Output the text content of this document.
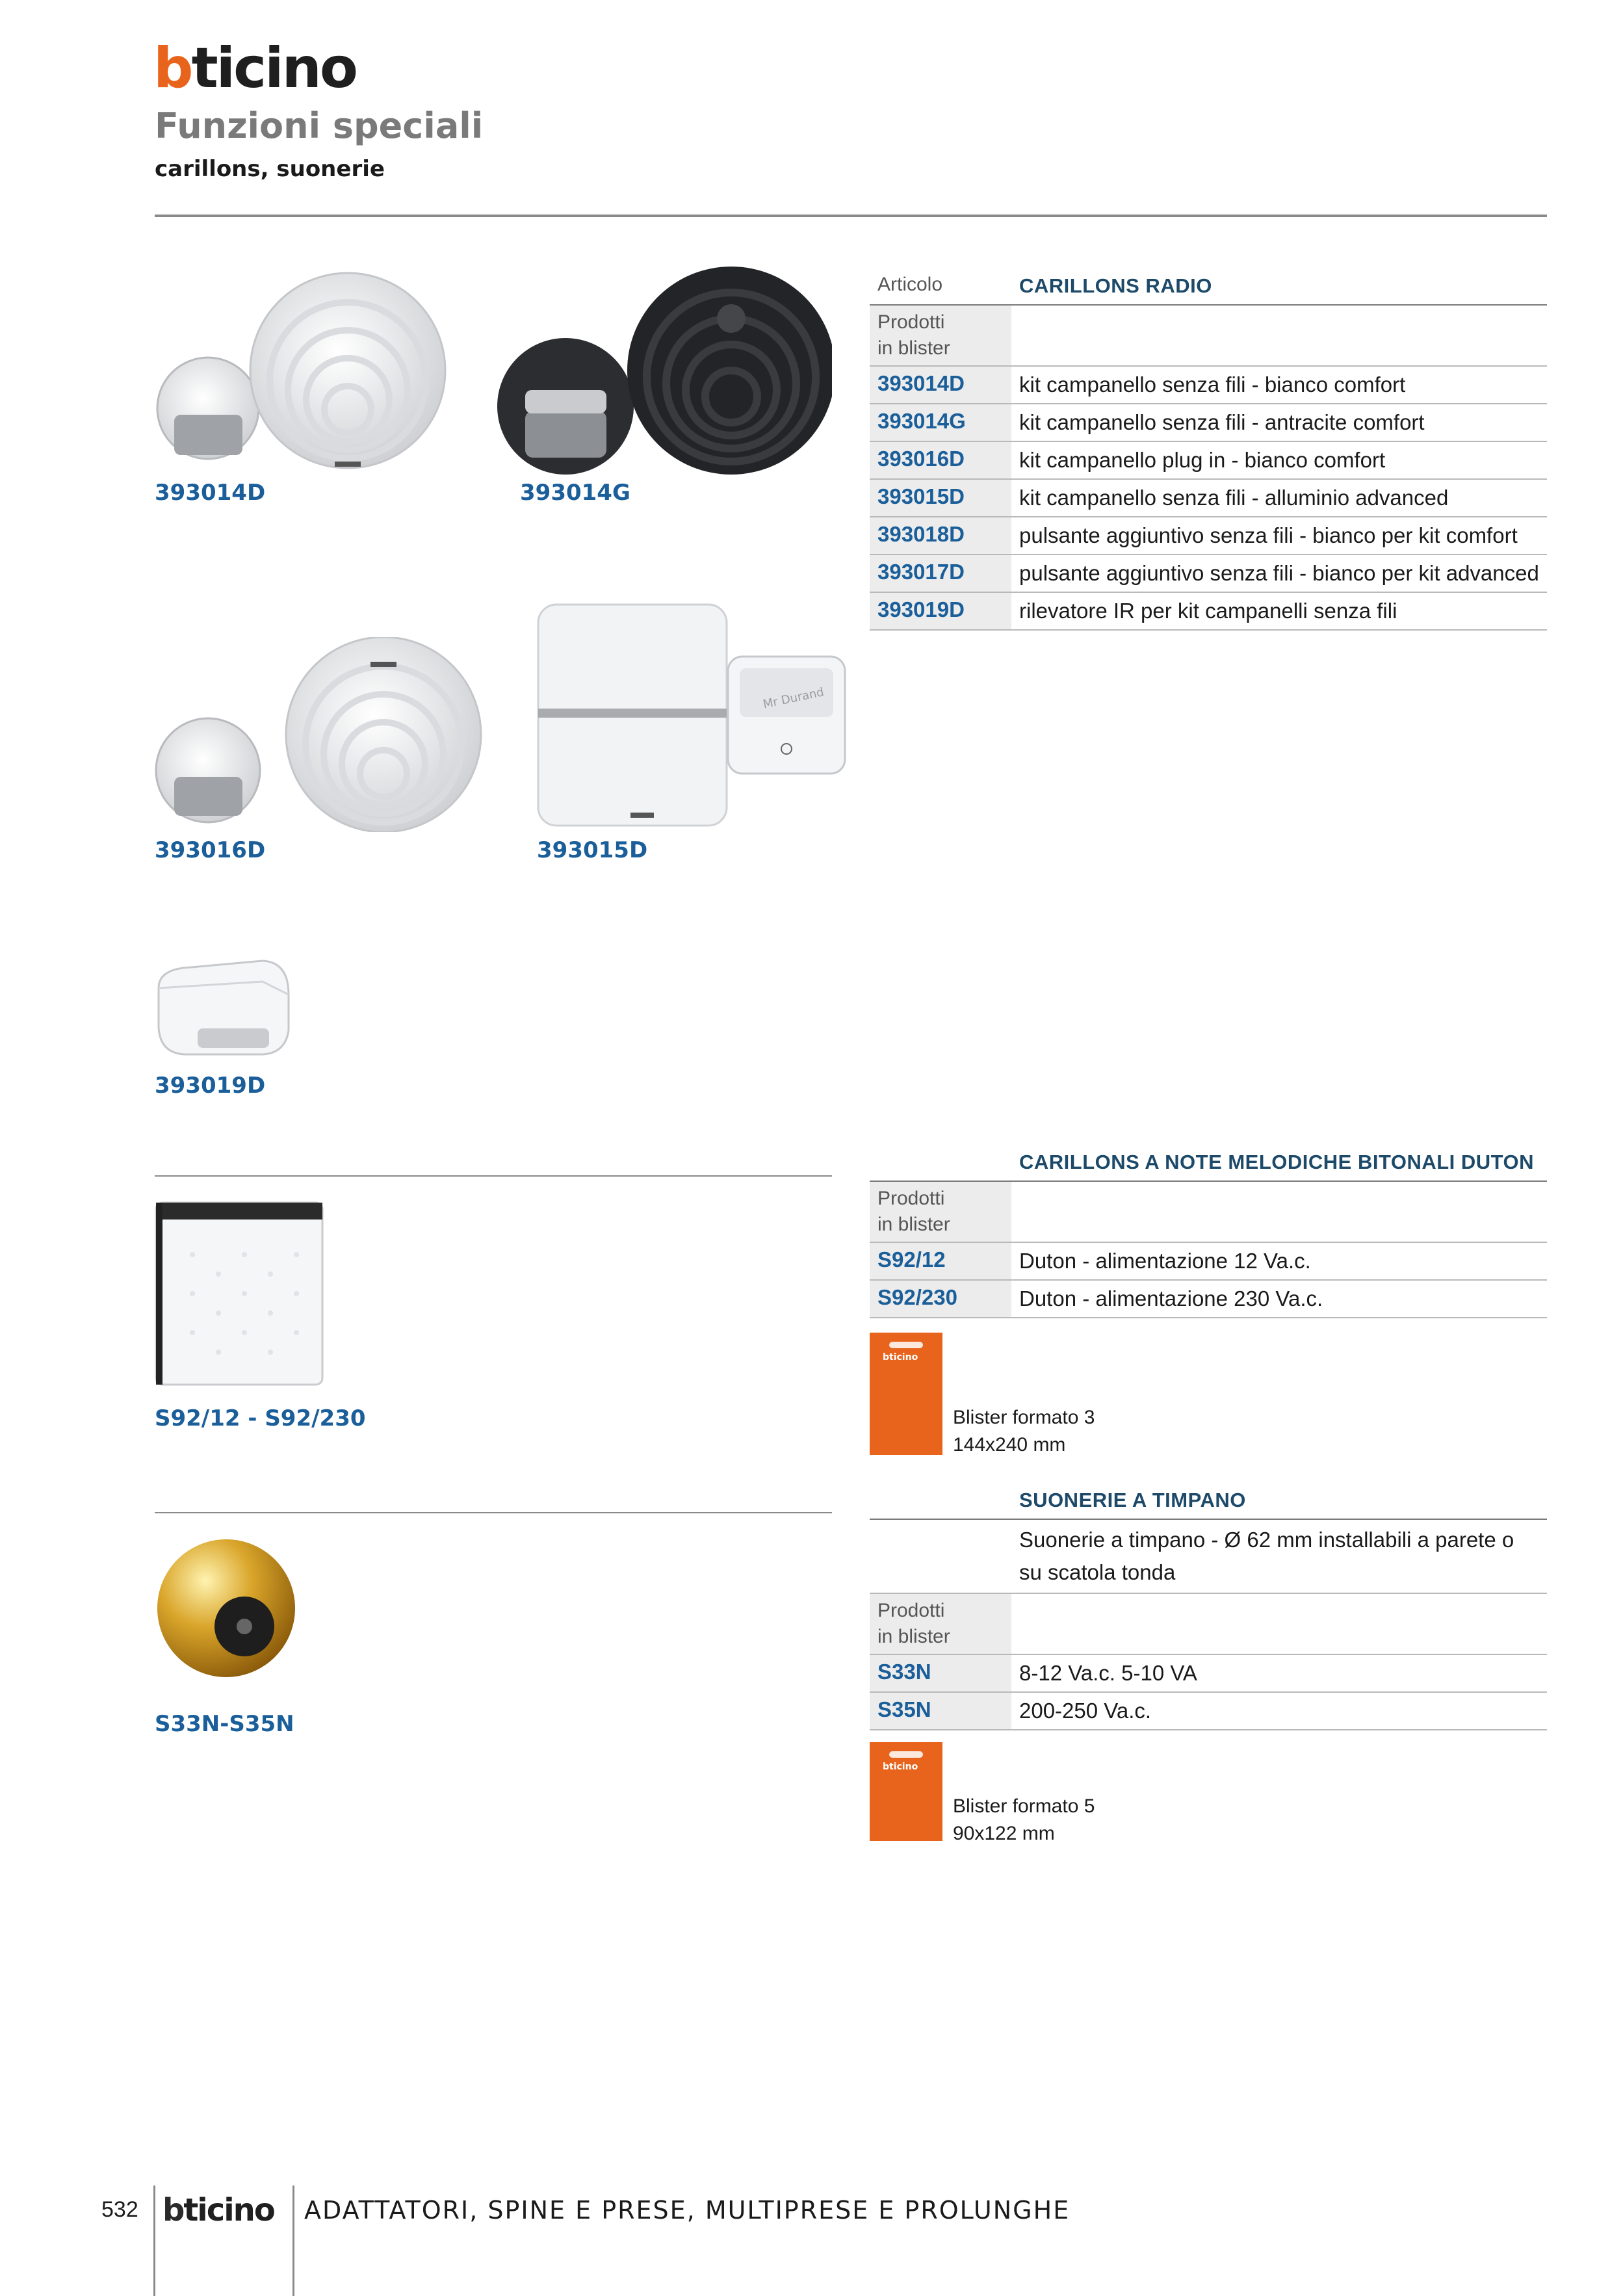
bticino
Funzioni speciali
carillons, suonerie
393014D	393014G
Mr Durand
393016D	393015D
393019D
S92/12 - S92/230
S33N-S35N
Articolo	CARILLONS RADIO
Prodotti
in blister
393014D	kit campanello senza fili - bianco comfort
393014G	kit campanello senza fili - antracite comfort
393016D	kit campanello plug in - bianco comfort
393015D	kit campanello senza fili - alluminio advanced
393018D	pulsante aggiuntivo senza fili - bianco per kit comfort
393017D	pulsante aggiuntivo senza fili - bianco per kit advanced
393019D	rilevatore IR per kit campanelli senza fili
CARILLONS A NOTE MELODICHE BITONALI DUTON
Prodotti
in blister
S92/12	Duton - alimentazione 12 Va.c.
S92/230	Duton - alimentazione 230 Va.c.
bticino
Blister formato 3
144x240 mm
SUONERIE A TIMPANO
Suonerie a timpano - Ø 62 mm installabili a parete o su scatola tonda
Prodotti
in blister
S33N	8-12 Va.c. 5-10 VA
S35N	200-250 Va.c.
bticino
Blister formato 5
90x122 mm
532 bticino ADATTATORI, SPINE E PRESE, MULTIPRESE E PROLUNGHE
